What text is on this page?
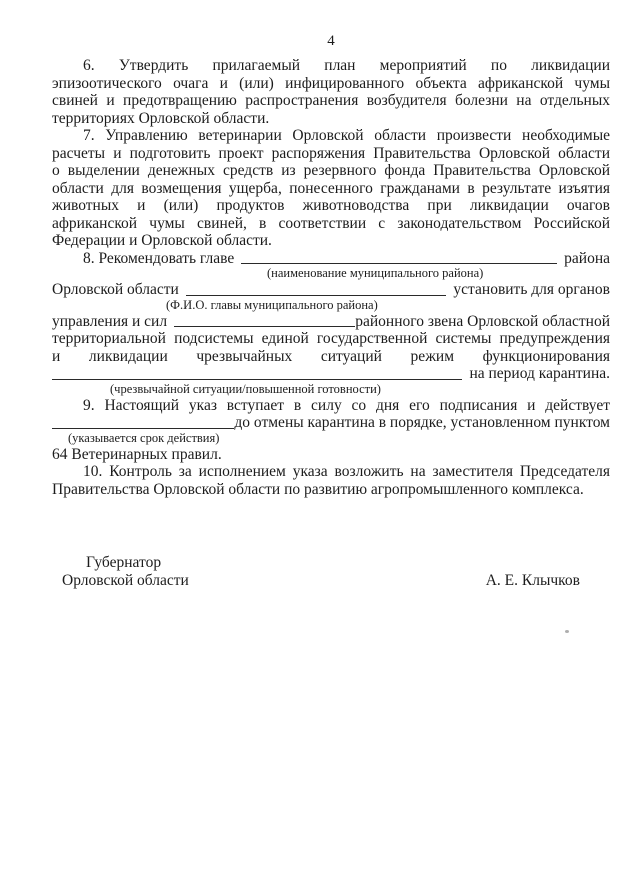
4
6. Утвердить прилагаемый план мероприятий по ликвидации
эпизоотического очага и (или) инфицированного объекта африканской чумы
свиней и предотвращению распространения возбудителя болезни на отдельных
территориях Орловской области.
7. Управлению ветеринарии Орловской области произвести необходимые
расчеты и подготовить проект распоряжения Правительства Орловской области
о выделении денежных средств из резервного фонда Правительства Орловской
области для возмещения ущерба, понесенного гражданами в результате изъятия
животных и (или) продуктов животноводства при ликвидации очагов
африканской чумы свиней, в соответствии с законодательством Российской
Федерации и Орловской области.
8. Рекомендовать главе	района
(наименование муниципального района)
Орловской области	установить для органов
(Ф.И.О. главы муниципального района)
управления и сил	районного звена Орловской областной
территориальной подсистемы единой государственной системы предупреждения
и ликвидации чрезвычайных ситуаций режим функционирования
на период карантина.
(чрезвычайной ситуации/повышенной готовности)
9. Настоящий указ вступает в силу со дня его подписания и действует
до отмены карантина в порядке, установленном пунктом
(указывается срок действия)
64 Ветеринарных правил.
10. Контроль за исполнением указа возложить на заместителя Председателя
Правительства Орловской области по развитию агропромышленного комплекса.
Губернатор
Орловской области	А. Е. Клычков
